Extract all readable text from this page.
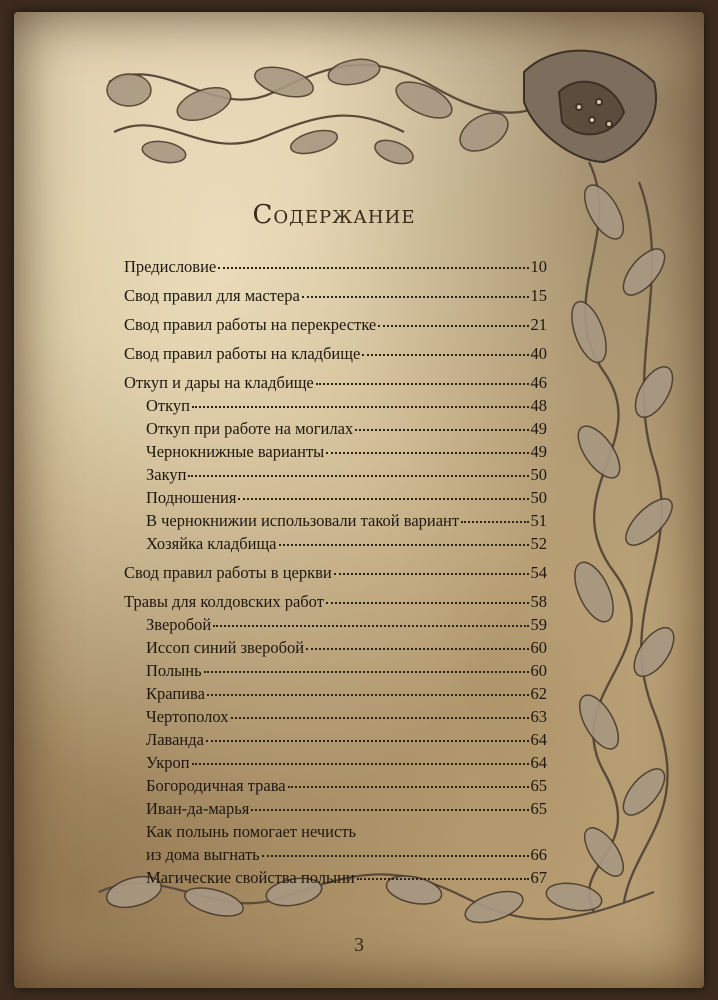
Содержание
Предисловие	10
Свод правил для мастера	15
Свод правил работы на перекрестке	21
Свод правил работы на кладбище	40
Откуп и дары на кладбище	46
Откуп	48
Откуп при работе на могилах	49
Чернокнижные варианты	49
Закуп	50
Подношения	50
В чернокнижии использовали такой вариант	51
Хозяйка кладбища	52
Свод правил работы в церкви	54
Травы для колдовских работ	58
Зверобой	59
Иссоп синий зверобой	60
Полынь	60
Крапива	62
Чертополох	63
Лаванда	64
Укроп	64
Богородичная трава	65
Иван-да-марья	65
Как полынь помогает нечисть
из дома выгнать	66
Магические свойства полыни	67
3
